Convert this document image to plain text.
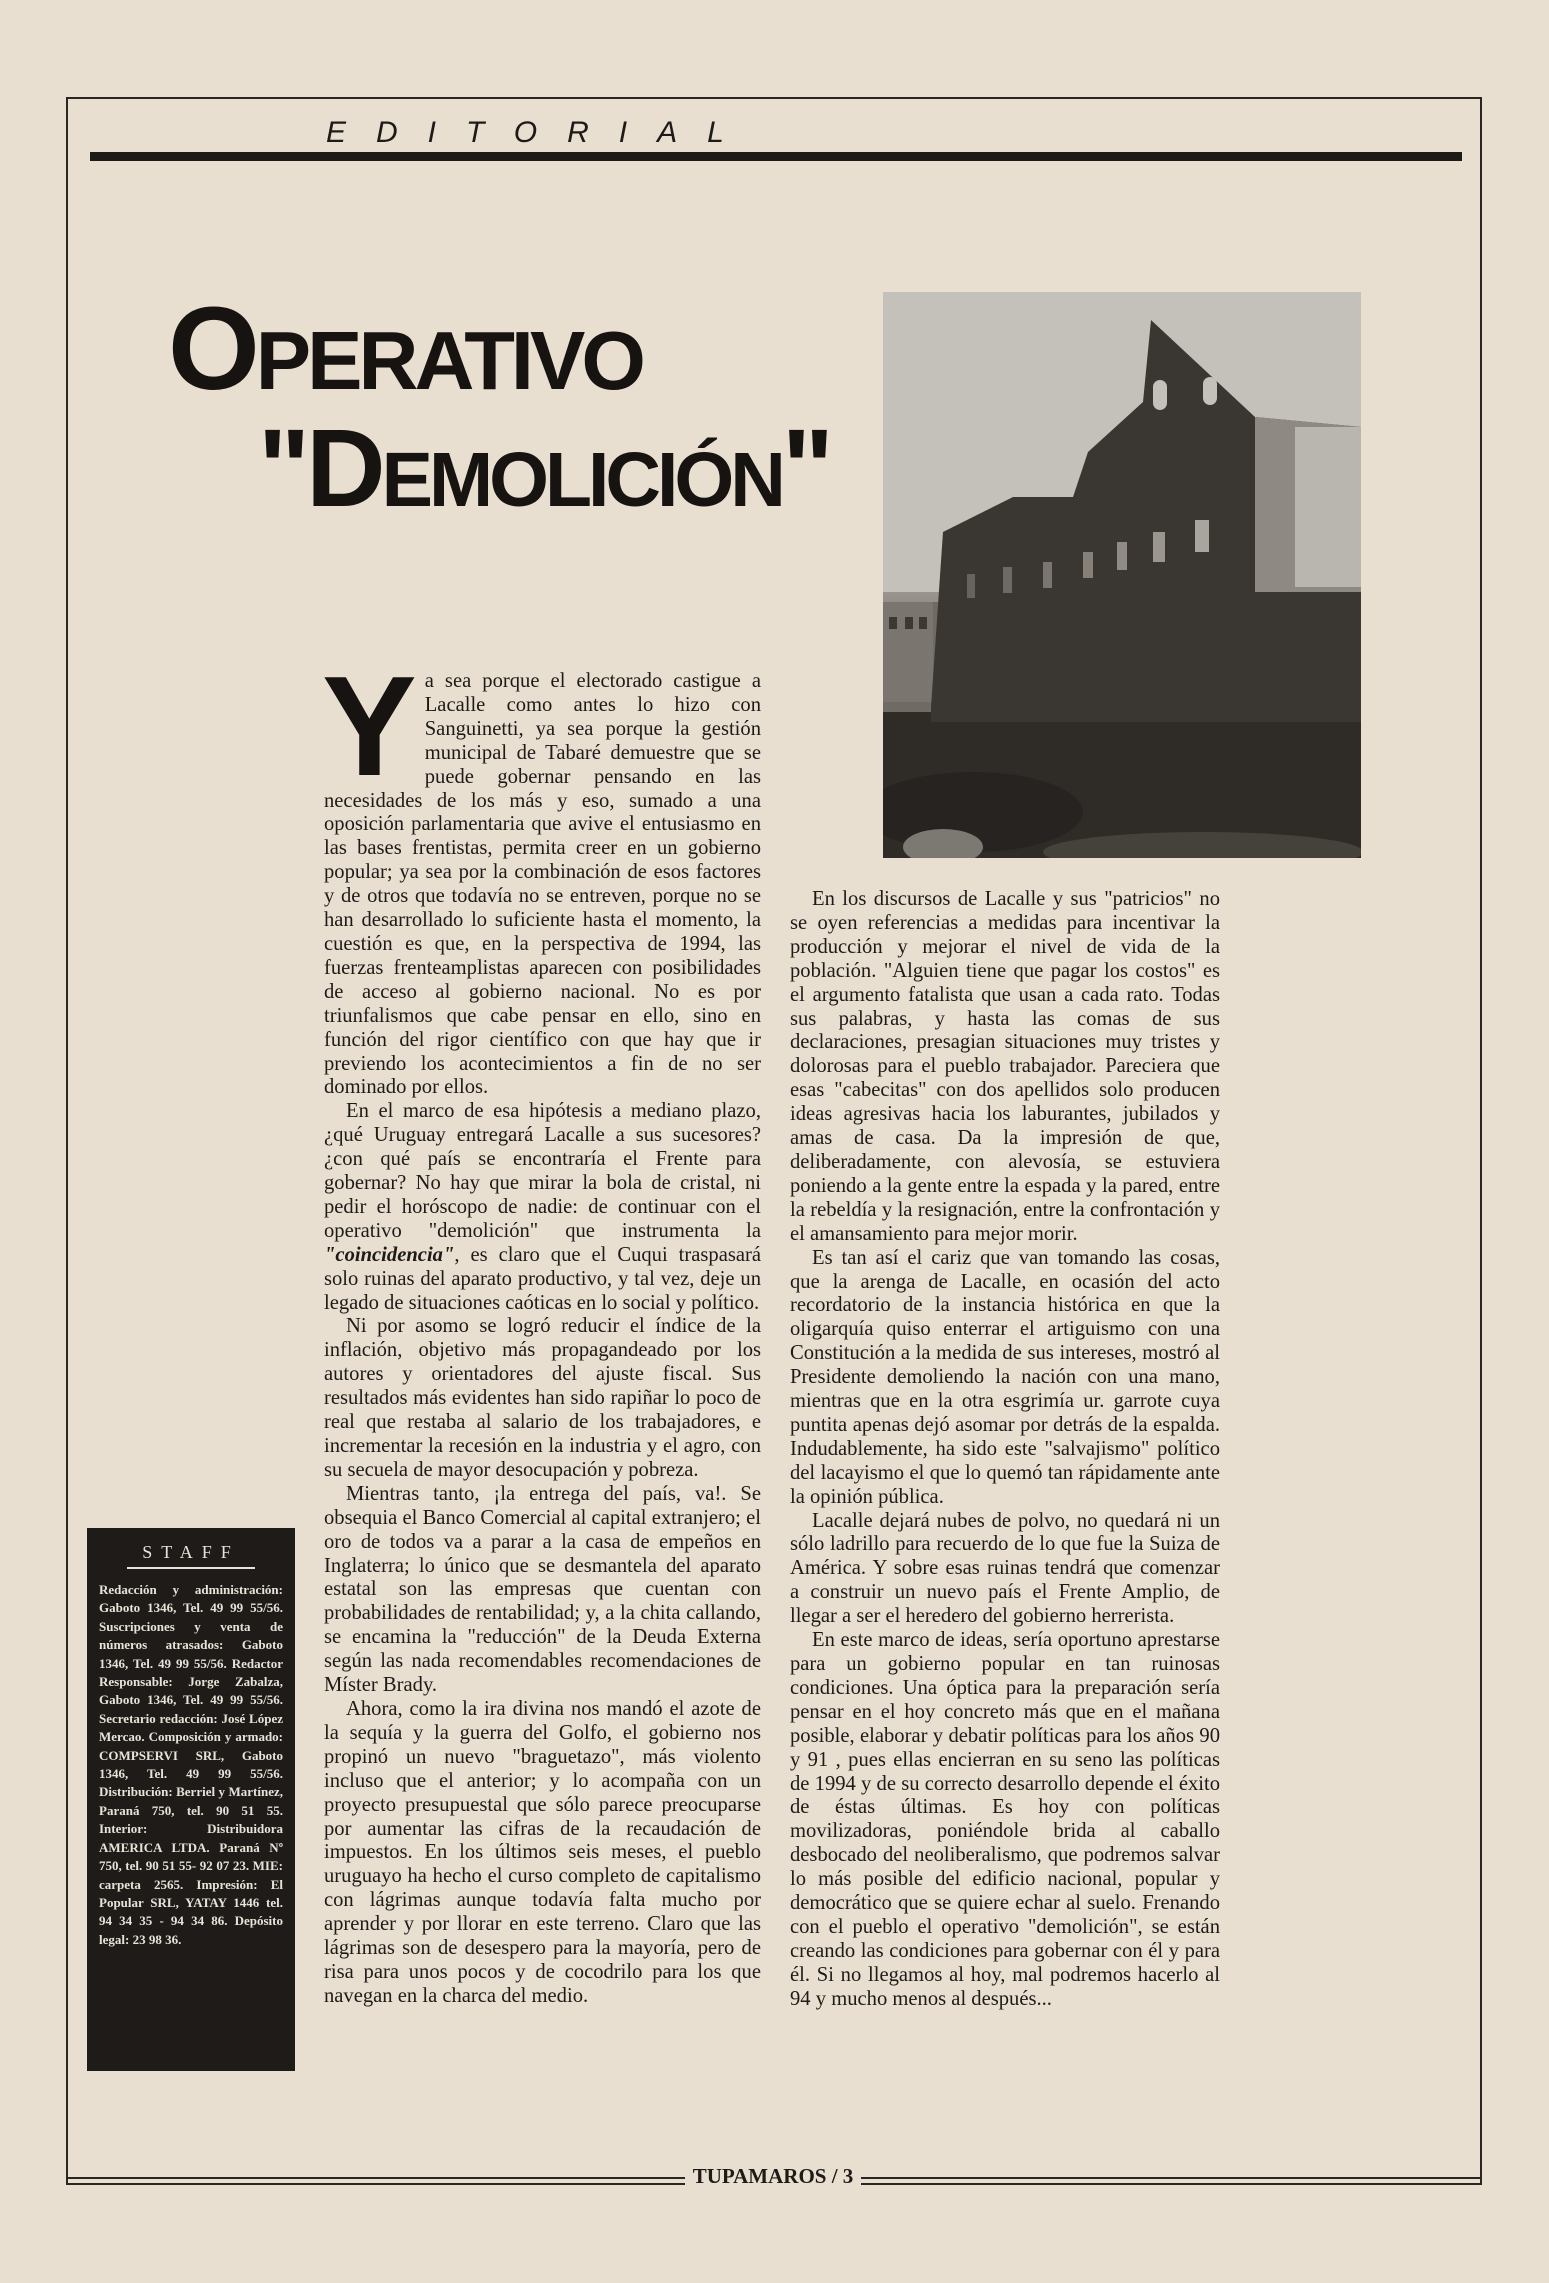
EDITORIAL
Operativo
"Demolición"

Ya sea porque el electorado castigue a Lacalle como antes lo hizo con Sanguinetti, ya sea porque la gestión municipal de Tabaré demuestre que se puede gobernar pensando en las necesidades de los más y eso, sumado a una oposición parlamentaria que avive el entusiasmo en las bases frentistas, permita creer en un gobierno popular; ya sea por la combinación de esos factores y de otros que todavía no se entreven, porque no se han desarrollado lo suficiente hasta el momento, la cuestión es que, en la perspectiva de 1994, las fuerzas frenteamplistas aparecen con posibilidades de acceso al gobierno nacional. No es por triunfalismos que cabe pensar en ello, sino en función del rigor científico con que hay que ir previendo los acontecimientos a fin de no ser dominado por ellos.

En el marco de esa hipótesis a mediano plazo, ¿qué Uruguay entregará Lacalle a sus sucesores? ¿con qué país se encontraría el Frente para gobernar? No hay que mirar la bola de cristal, ni pedir el horóscopo de nadie: de continuar con el operativo "demolición" que instrumenta la "coincidencia", es claro que el Cuqui traspasará solo ruinas del aparato productivo, y tal vez, deje un legado de situaciones caóticas en lo social y político.

Ni por asomo se logró reducir el índice de la inflación, objetivo más propagandeado por los autores y orientadores del ajuste fiscal. Sus resultados más evidentes han sido rapiñar lo poco de real que restaba al salario de los trabajadores, e incrementar la recesión en la industria y el agro, con su secuela de mayor desocupación y pobreza.

Mientras tanto, ¡la entrega del país, va!. Se obsequia el Banco Comercial al capital extranjero; el oro de todos va a parar a la casa de empeños en Inglaterra; lo único que se desmantela del aparato estatal son las empresas que cuentan con probabilidades de rentabilidad; y, a la chita callando, se encamina la "reducción" de la Deuda Externa según las nada recomendables recomendaciones de Míster Brady.

Ahora, como la ira divina nos mandó el azote de la sequía y la guerra del Golfo, el gobierno nos propinó un nuevo "braguetazo", más violento incluso que el anterior; y lo acompaña con un proyecto presupuestal que sólo parece preocuparse por aumentar las cifras de la recaudación de impuestos. En los últimos seis meses, el pueblo uruguayo ha hecho el curso completo de capitalismo con lágrimas aunque todavía falta mucho por aprender y por llorar en este terreno. Claro que las lágrimas son de desespero para la mayoría, pero de risa para unos pocos y de cocodrilo para los que navegan en la charca del medio.

En los discursos de Lacalle y sus "patricios" no se oyen referencias a medidas para incentivar la producción y mejorar el nivel de vida de la población. "Alguien tiene que pagar los costos" es el argumento fatalista que usan a cada rato. Todas sus palabras, y hasta las comas de sus declaraciones, presagian situaciones muy tristes y dolorosas para el pueblo trabajador. Pareciera que esas "cabecitas" con dos apellidos solo producen ideas agresivas hacia los laburantes, jubilados y amas de casa. Da la impresión de que, deliberadamente, con alevosía, se estuviera poniendo a la gente entre la espada y la pared, entre la rebeldía y la resignación, entre la confrontación y el amansamiento para mejor morir.

Es tan así el cariz que van tomando las cosas, que la arenga de Lacalle, en ocasión del acto recordatorio de la instancia histórica en que la oligarquía quiso enterrar el artiguismo con una Constitución a la medida de sus intereses, mostró al Presidente demoliendo la nación con una mano, mientras que en la otra esgrimía ur. garrote cuya puntita apenas dejó asomar por detrás de la espalda. Indudablemente, ha sido este "salvajismo" político del lacayismo el que lo quemó tan rápidamente ante la opinión pública.

Lacalle dejará nubes de polvo, no quedará ni un sólo ladrillo para recuerdo de lo que fue la Suiza de América. Y sobre esas ruinas tendrá que comenzar a construir un nuevo país el Frente Amplio, de llegar a ser el heredero del gobierno herrerista.

En este marco de ideas, sería oportuno aprestarse para un gobierno popular en tan ruinosas condiciones. Una óptica para la preparación sería pensar en el hoy concreto más que en el mañana posible, elaborar y debatir políticas para los años 90 y 91 , pues ellas encierran en su seno las políticas de 1994 y de su correcto desarrollo depende el éxito de éstas últimas. Es hoy con políticas movilizadoras, poniéndole brida al caballo desbocado del neoliberalismo, que podremos salvar lo más posible del edificio nacional, popular y democrático que se quiere echar al suelo. Frenando con el pueblo el operativo "demolición", se están creando las condiciones para gobernar con él y para él. Si no llegamos al hoy, mal podremos hacerlo al 94 y mucho menos al después...

STAFF
Redacción y administración: Gaboto 1346, Tel. 49 99 55/56. Suscripciones y venta de números atrasados: Gaboto 1346, Tel. 49 99 55/56. Redactor Responsable: Jorge Zabalza, Gaboto 1346, Tel. 49 99 55/56. Secretario redacción: José López Mercao. Composición y armado: COMPSERVI SRL, Gaboto 1346, Tel. 49 99 55/56. Distribución: Berriel y Martínez, Paraná 750, tel. 90 51 55. Interior: Distribuidora AMERICA LTDA. Paraná Nº 750, tel. 90 51 55- 92 07 23. MIE: carpeta 2565. Impresión: El Popular SRL, YATAY 1446 tel. 94 34 35 - 94 34 86. Depósito legal: 23 98 36.
TUPAMAROS / 3
